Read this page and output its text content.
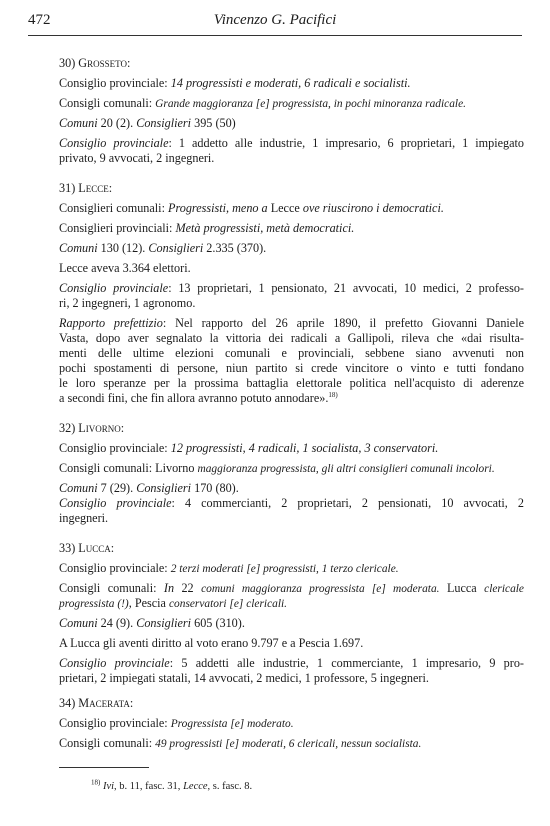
472	Vincenzo G. Pacifici
30) Grosseto:
Consiglio provinciale: 14 progressisti e moderati, 6 radicali e socialisti.
Consigli comunali: Grande maggioranza [e] progressista, in pochi minoranza radicale.
Comuni 20 (2). Consiglieri 395 (50)
Consiglio provinciale: 1 addetto alle industrie, 1 impresario, 6 proprietari, 1 impiegato
privato, 9 avvocati, 2 ingegneri.
31) Lecce:
Consiglieri comunali: Progressisti, meno a Lecce ove riuscirono i democratici.
Consiglieri provinciali: Metà progressisti, metà democratici.
Comuni 130 (12). Consiglieri 2.335 (370).
Lecce aveva 3.364 elettori.
Consiglio provinciale: 13 proprietari, 1 pensionato, 21 avvocati, 10 medici, 2 professo-
ri, 2 ingegneri, 1 agronomo.
Rapporto prefettizio: Nel rapporto del 26 aprile 1890, il prefetto Giovanni Daniele
Vasta, dopo aver segnalato la vittoria dei radicali a Gallipoli, rileva che «dai risulta-
menti delle ultime elezioni comunali e provinciali, sebbene siano avvenuti non
pochi spostamenti di persone, niun partito si crede vincitore o vinto e tutti fondano
le loro speranze per la prossima battaglia elettorale politica nell'acquisto di aderenze
a secondi fini, che fin allora avranno potuto annodare».$^{18)}$
32) Livorno:
Consiglio provinciale: 12 progressisti, 4 radicali, 1 socialista, 3 conservatori.
Consigli comunali: Livorno maggioranza progressista, gli altri consiglieri comunali incolori.
Comuni 7 (29). Consiglieri 170 (80).
Consiglio provinciale: 4 commercianti, 2 proprietari, 2 pensionati, 10 avvocati, 2
ingegneri.
33) Lucca:
Consiglio provinciale: 2 terzi moderati [e] progressisti, 1 terzo clericale.
Consigli comunali: In 22 comuni maggioranza progressista [e] moderata. Lucca clericale
progressista (!), Pescia conservatori [e] clericali.
Comuni 24 (9). Consiglieri 605 (310).
A Lucca gli aventi diritto al voto erano 9.797 e a Pescia 1.697.
Consiglio provinciale: 5 addetti alle industrie, 1 commerciante, 1 impresario, 9 pro-
prietari, 2 impiegati statali, 14 avvocati, 2 medici, 1 professore, 5 ingegneri.
34) Macerata:
Consiglio provinciale: Progressista [e] moderato.
Consigli comunali: 49 progressisti [e] moderati, 6 clericali, nessun socialista.
$^{18)}$ Ivi, b. 11, fasc. 31, Lecce, s. fasc. 8.
